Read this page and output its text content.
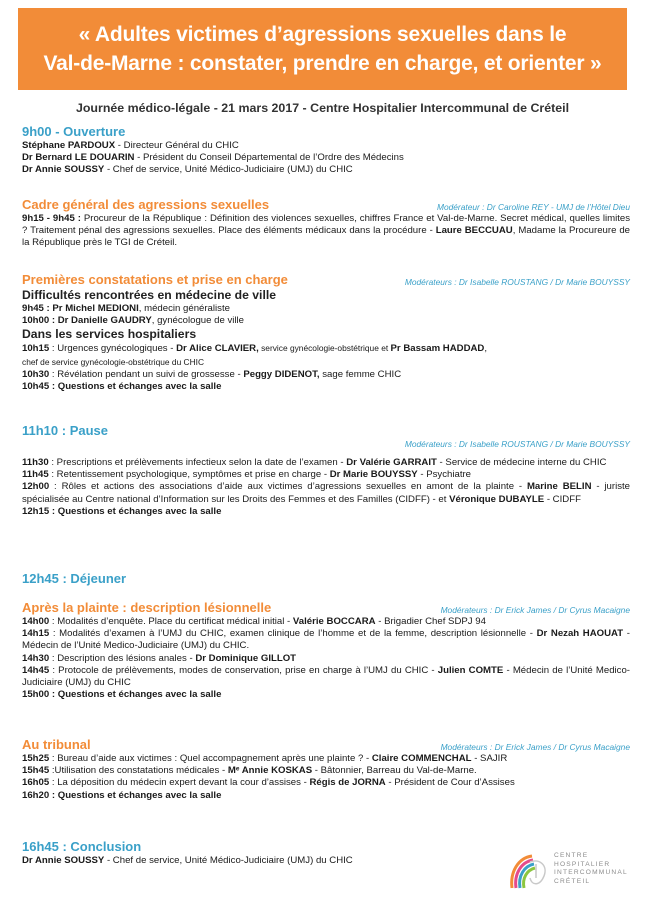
« Adultes victimes d’agressions sexuelles dans le
Val-de-Marne : constater, prendre en charge, et orienter »
Journée médico-légale - 21 mars 2017 - Centre Hospitalier Intercommunal de Créteil
9h00 - Ouverture

Stéphane PARDOUX - Directeur Général du CHIC

Dr Bernard LE DOUARIN - Président du Conseil Départemental de l’Ordre des Médecins

Dr Annie SOUSSY - Chef de service, Unité Médico-Judiciaire (UMJ) du CHIC

Cadre général des agressions sexuelles	Modérateur : Dr Caroline REY - UMJ de l’Hôtel Dieu

9h15 - 9h45 : Procureur de la République : Définition des violences sexuelles, chiffres France et Val-de-Marne. Secret médical, quelles limites ? Traitement pénal des agressions sexuelles. Place des éléments médicaux dans la procédure - Laure BECCUAU, Madame la Procureure de la République près le TGI de Créteil.

Premières constatations et prise en charge	Modérateurs : Dr Isabelle ROUSTANG / Dr Marie BOUYSSY
Difficultés rencontrées en médecine de ville

9h45 : Pr Michel MEDIONI, médecin généraliste

10h00 : Dr Danielle GAUDRY, gynécologue de ville

Dans les services hospitaliers

10h15 : Urgences gynécologiques - Dr Alice CLAVIER, service gynécologie-obstétrique et Pr Bassam HADDAD,
chef de service gynécologie-obstétrique du CHIC

10h30 : Révélation pendant un suivi de grossesse - Peggy DIDENOT, sage femme CHIC

10h45 : Questions et échanges avec la salle

11h10 : Pause
Modérateurs : Dr Isabelle ROUSTANG / Dr Marie BOUYSSY

11h30 : Prescriptions et prélèvements infectieux selon la date de l’examen - Dr Valérie GARRAIT - Service de médecine interne du CHIC

11h45 : Retentissement psychologique, symptômes et prise en charge - Dr Marie BOUYSSY - Psychiatre

12h00 : Rôles et actions des associations d’aide aux victimes d’agressions sexuelles en amont de la plainte - Marine BELIN - juriste spécialisée au Centre national d’Information sur les Droits des Femmes et des Familles (CIDFF) - et Véronique DUBAYLE - CIDFF

12h15 : Questions et échanges avec la salle

12h45 : Déjeuner
Après la plainte : description lésionnelle	Modérateurs : Dr Erick James / Dr Cyrus Macaigne

14h00 : Modalités d’enquête. Place du certificat médical initial - Valérie BOCCARA - Brigadier Chef SDPJ 94

14h15 : Modalités d’examen à l’UMJ du CHIC, examen clinique de l’homme et de la femme, description lésionnelle - Dr Nezah HAOUAT - Médecin de l’Unité Medico-Judiciaire (UMJ) du CHIC.

14h30 : Description des lésions anales - Dr Dominique GILLOT

14h45 : Protocole de prélèvements, modes de conservation, prise en charge à l’UMJ du CHIC - Julien COMTE - Médecin de l’Unité Medico-Judiciaire (UMJ) du CHIC

15h00 : Questions et échanges avec la salle

Au tribunal	Modérateurs : Dr Erick James / Dr Cyrus Macaigne

15h25 : Bureau d’aide aux victimes : Quel accompagnement après une plainte ? - Claire COMMENCHAL - SAJIR

15h45 :Utilisation des constatations médicales - Mᵉ Annie KOSKAS - Bâtonnier, Barreau du Val-de-Marne.

16h05 : La déposition du médecin expert devant la cour d’assises - Régis de JORNA - Président de Cour d’Assises

16h20 : Questions et échanges avec la salle

16h45 : Conclusion

Dr Annie SOUSSY - Chef de service, Unité Médico-Judiciaire (UMJ) du CHIC	CENTRE
HOSPITALIER
INTERCOMMUNAL
CRÉTEIL
